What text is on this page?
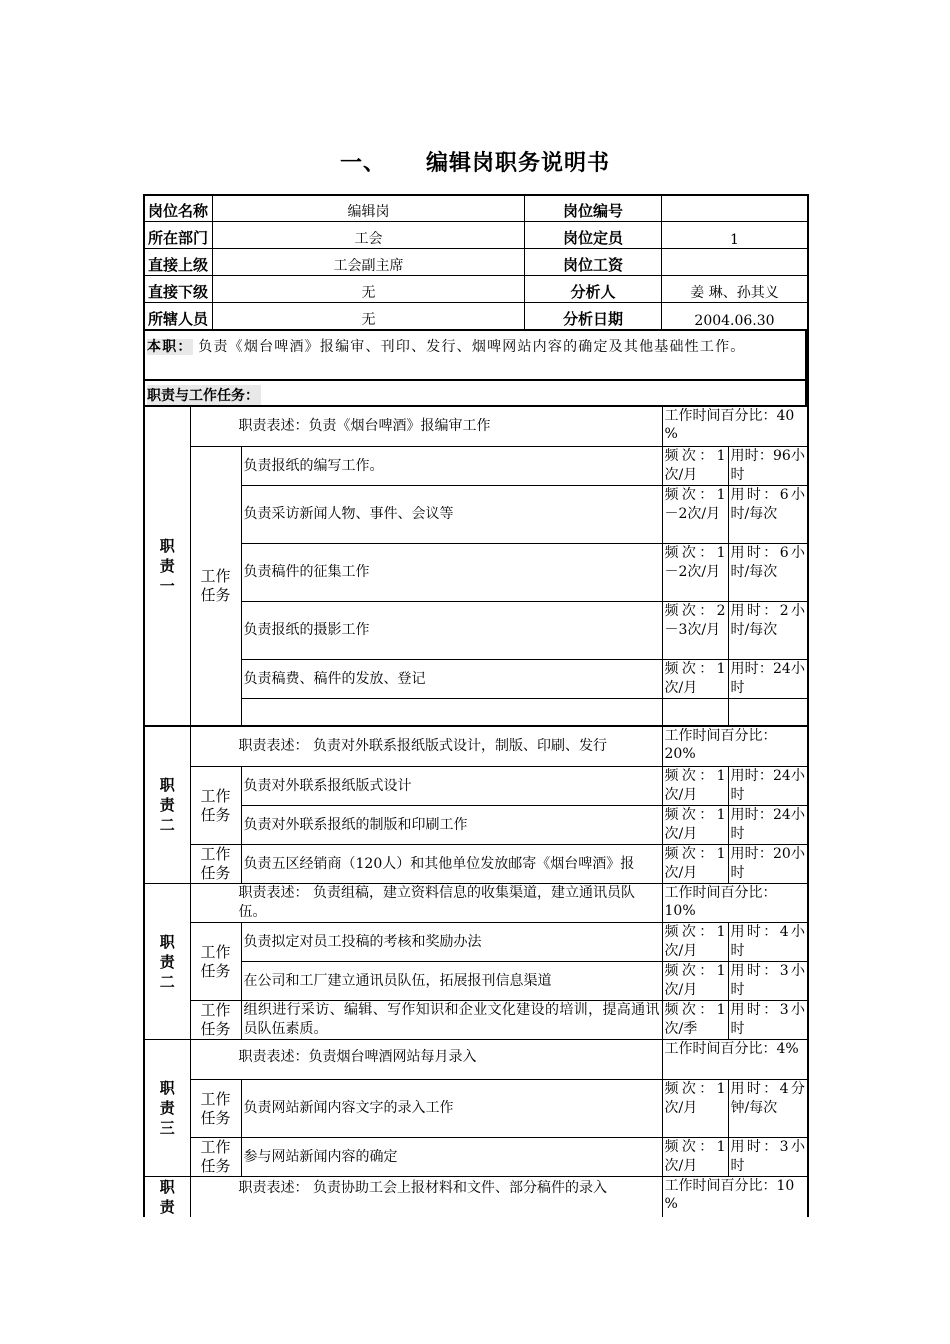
一、 编辑岗职务说明书
岗位名称	编辑岗	岗位编号	
所在部门	工会	岗位定员	1
直接上级	工会副主席	岗位工资	
直接下级	无	分析人	姜 琳、孙其义
所辖人员	无	分析日期	2004.06.30
本职： 负责《烟台啤酒》报编审、刊印、发行、烟啤网站内容的确定及其他基础性工作。
职责与工作任务：
职
责
一	职责表述：负责《烟台啤酒》报编审工作		工作时间百分比：40 %	
	工作
任务	负责报纸的编写工作。	频次：1次/月	用时：96小时
		负责采访新闻人物、事件、会议等	频次：1－2次/月	用时：6小时/每次
		负责稿件的征集工作	频次：1－2次/月	用时：6小时/每次
		负责报纸的摄影工作	频次：2－3次/月	用时：2小时/每次
		负责稿费、稿件的发放、登记	频次：1次/月	用时：24小时

职
责
二	职责表述： 负责对外联系报纸版式设计，制版、印刷、发行		工作时间百分比：20%	
	工作
任务	负责对外联系报纸版式设计	频次：1次/月	用时：24小时
		负责对外联系报纸的制版和印刷工作	频次：1次/月	用时：24小时
	工作
任务	负责五区经销商（120人）和其他单位发放邮寄《烟台啤酒》报	频次：1次/月	用时：20小时
职
责
二	职责表述： 负责组稿，建立资料信息的收集渠道，建立通讯员队伍。		工作时间百分比：10%	
	工作
任务	负责拟定对员工投稿的考核和奖励办法	频次：1次/月	用时：4小时
		在公司和工厂建立通讯员队伍，拓展报刊信息渠道	频次：1次/月	用时：3小时
	工作
任务	组织进行采访、编辑、写作知识和企业文化建设的培训，提高通讯员队伍素质。	频次：1次/季	用时：3小时
职
责
三	职责表述：负责烟台啤酒网站每月录入		工作时间百分比：4%	
	工作
任务	负责网站新闻内容文字的录入工作	频次：1次/月	用时：4分钟/每次
	工作
任务	参与网站新闻内容的确定	频次：1次/月	用时：3小时
职
责	职责表述： 负责协助工会上报材料和文件、部分稿件的录入	工作时间百分比：10 %
